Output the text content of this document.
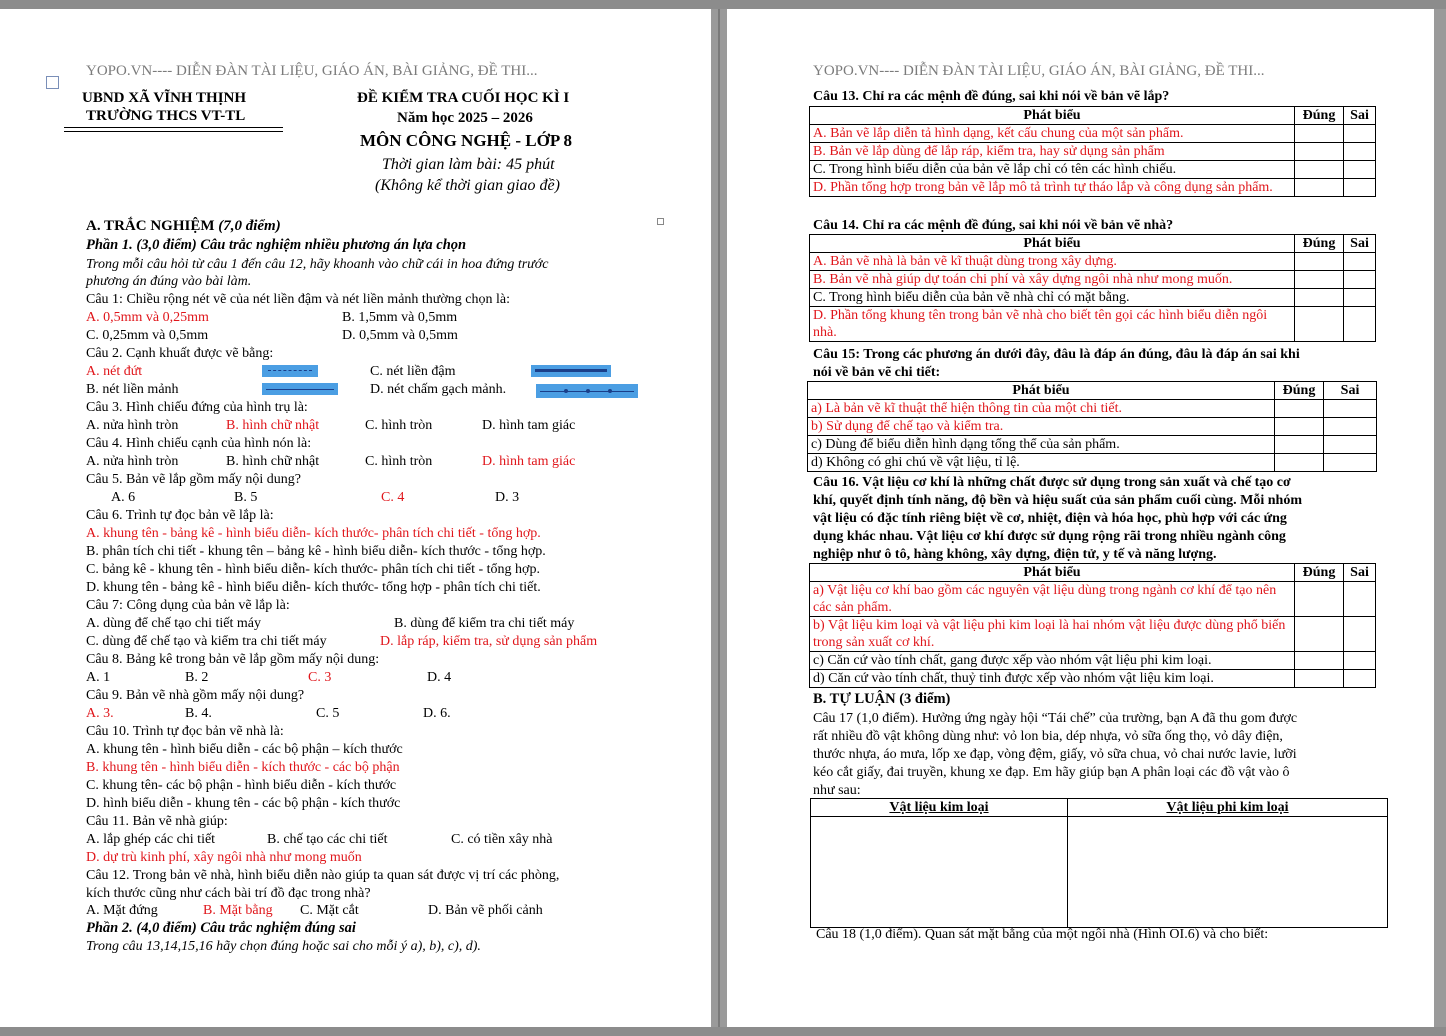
YOPO.VN---- DIỄN ĐÀN TÀI LIỆU, GIÁO ÁN, BÀI GIẢNG, ĐỀ THI...
UBND XÃ VĨNH THỊNH
TRƯỜNG THCS VT-TL
ĐỀ KIỂM TRA CUỐI HỌC KÌ I
Năm học 2025 – 2026
MÔN CÔNG NGHỆ - LỚP 8
Thời gian làm bài: 45 phút
(Không kể thời gian giao đề)
A. TRẮC NGHIỆM (7,0 điểm)
Phần 1. (3,0 điểm) Câu trắc nghiệm nhiều phương án lựa chọn
Trong mỗi câu hỏi từ câu 1 đến câu 12, hãy khoanh vào chữ cái in hoa đứng trước
phương án đúng vào bài làm.
Câu 1: Chiều rộng nét vẽ của nét liền đậm và nét liền mảnh thường chọn là:
A. 0,5mm và 0,25mm	B. 1,5mm và 0,5mm
C. 0,25mm và 0,5mm	D. 0,5mm và 0,5mm
Câu 2. Cạnh khuất được vẽ bằng:
A. nét đứt	C. nét liền đậm
B. nét liền mảnh	D. nét chấm gạch mảnh.
Câu 3. Hình chiếu đứng của hình trụ là:
A. nửa hình tròn	B. hình chữ nhật	C. hình tròn	D. hình tam giác
Câu 4. Hình chiếu cạnh của hình nón là:
A. nửa hình tròn	B. hình chữ nhật	C. hình tròn	D. hình tam giác
Câu 5. Bản vẽ lắp gồm mấy nội dung?
A. 6	B. 5	C. 4	D. 3
Câu 6. Trình tự đọc bản vẽ lắp là:
A. khung tên - bảng kê - hình biểu diễn- kích thước- phân tích chi tiết - tổng hợp.
B. phân tích chi tiết - khung tên – bảng kê - hình biểu diễn- kích thước - tổng hợp.
C. bảng kê - khung tên - hình biểu diễn- kích thước- phân tích chi tiết - tổng hợp.
D. khung tên - bảng kê - hình biểu diễn- kích thước- tổng hợp - phân tích chi tiết.
Câu 7: Công dụng của bản vẽ lắp là:
A. dùng để chế tạo chi tiết máy	B. dùng để kiểm tra chi tiết máy
C. dùng để chế tạo và kiểm tra chi tiết máy	D. lắp ráp, kiểm tra, sử dụng sản phẩm
Câu 8. Bảng kê trong bản vẽ lắp gồm mấy nội dung:
A. 1	B. 2	C. 3	D. 4
Câu 9. Bản vẽ nhà gồm mấy nội dung?
A. 3.	B. 4.	C. 5	D. 6.
Câu 10. Trình tự đọc bản vẽ nhà là:
A. khung tên - hình biểu diễn - các bộ phận – kích thước
B. khung tên - hình biểu diễn - kích thước - các bộ phận
C. khung tên- các bộ phận - hình biểu diễn - kích thước
D. hình biểu diễn - khung tên - các bộ phận - kích thước
Câu 11. Bản vẽ nhà giúp:
A. lắp ghép các chi tiết	B. chế tạo các chi tiết	C. có tiền xây nhà
D. dự trù kinh phí, xây ngôi nhà như mong muốn
Câu 12. Trong bản vẽ nhà, hình biểu diễn nào giúp ta quan sát được vị trí các phòng,
kích thước cũng như cách bài trí đồ đạc trong nhà?
A. Mặt đứng	B. Mặt bằng C. Mặt cắt	D. Bản vẽ phối cảnh
Phần 2. (4,0 điểm) Câu trắc nghiệm đúng sai
Trong câu 13,14,15,16 hãy chọn đúng hoặc sai cho mỗi ý a), b), c), d).
YOPO.VN---- DIỄN ĐÀN TÀI LIỆU, GIÁO ÁN, BÀI GIẢNG, ĐỀ THI...
Câu 13. Chỉ ra các mệnh đề đúng, sai khi nói về bản vẽ lắp?
Phát biểu	Đúng	Sai
A. Bản vẽ lắp diễn tả hình dạng, kết cấu chung của một sản phẩm.		
B. Bản vẽ lắp dùng để lắp ráp, kiểm tra, hay sử dụng sản phẩm		
C. Trong hình biểu diễn của bản vẽ lắp chỉ có tên các hình chiếu.		
D. Phần tổng hợp trong bản vẽ lắp mô tả trình tự tháo lắp và công dụng sản phẩm.		
Câu 14. Chỉ ra các mệnh đề đúng, sai khi nói về bản vẽ nhà?
Phát biểu	Đúng	Sai
A. Bản vẽ nhà là bản vẽ kĩ thuật dùng trong xây dựng.		
B. Bản vẽ nhà giúp dự toán chi phí và xây dựng ngôi nhà như mong muốn.		
C. Trong hình biểu diễn của bản vẽ nhà chỉ có mặt bằng.		
D. Phần tổng khung tên trong bản vẽ nhà cho biết tên gọi các hình biểu diễn ngôi nhà.		
Câu 15: Trong các phương án dưới đây, đâu là đáp án đúng, đâu là đáp án sai khi
nói về bản vẽ chi tiết:
Phát biểu	Đúng	Sai
a) Là bản vẽ kĩ thuật thể hiện thông tin của một chi tiết.		
b) Sử dụng để chế tạo và kiểm tra.		
c) Dùng để biểu diễn hình dạng tổng thể của sản phẩm.		
d) Không có ghi chú về vật liệu, tỉ lệ.		
Câu 16. Vật liệu cơ khí là những chất được sử dụng trong sản xuất và chế tạo cơ
khí, quyết định tính năng, độ bền và hiệu suất của sản phẩm cuối cùng. Mỗi nhóm
vật liệu có đặc tính riêng biệt về cơ, nhiệt, điện và hóa học, phù hợp với các ứng
dụng khác nhau. Vật liệu cơ khí được sử dụng rộng rãi trong nhiều ngành công
nghiệp như ô tô, hàng không, xây dựng, điện tử, y tế và năng lượng.
Phát biểu	Đúng	Sai
a) Vật liệu cơ khí bao gồm các nguyên vật liệu dùng trong ngành cơ khí để tạo nên các sản phẩm.		
b) Vật liệu kim loại và vật liệu phi kim loại là hai nhóm vật liệu được dùng phổ biến trong sản xuất cơ khí.		
c) Căn cứ vào tính chất, gang được xếp vào nhóm vật liệu phi kim loại.		
d) Căn cứ vào tính chất, thuỷ tinh được xếp vào nhóm vật liệu kim loại.		
B. TỰ LUẬN (3 điểm)
Câu 17 (1,0 điểm). Hưởng ứng ngày hội “Tái chế” của trường, bạn A đã thu gom được
rất nhiều đồ vật không dùng như: vỏ lon bia, dép nhựa, vỏ sữa ống thọ, vỏ dây điện,
thước nhựa, áo mưa, lốp xe đạp, vòng đệm, giấy, vỏ sữa chua, vỏ chai nước lavie, lưỡi
kéo cắt giấy, đai truyền, khung xe đạp. Em hãy giúp bạn A phân loại các đồ vật vào ô
như sau:
Vật liệu kim loại	Vật liệu phi kim loại

Câu 18 (1,0 điểm). Quan sát mặt bằng của một ngôi nhà (Hình OI.6) và cho biết:
